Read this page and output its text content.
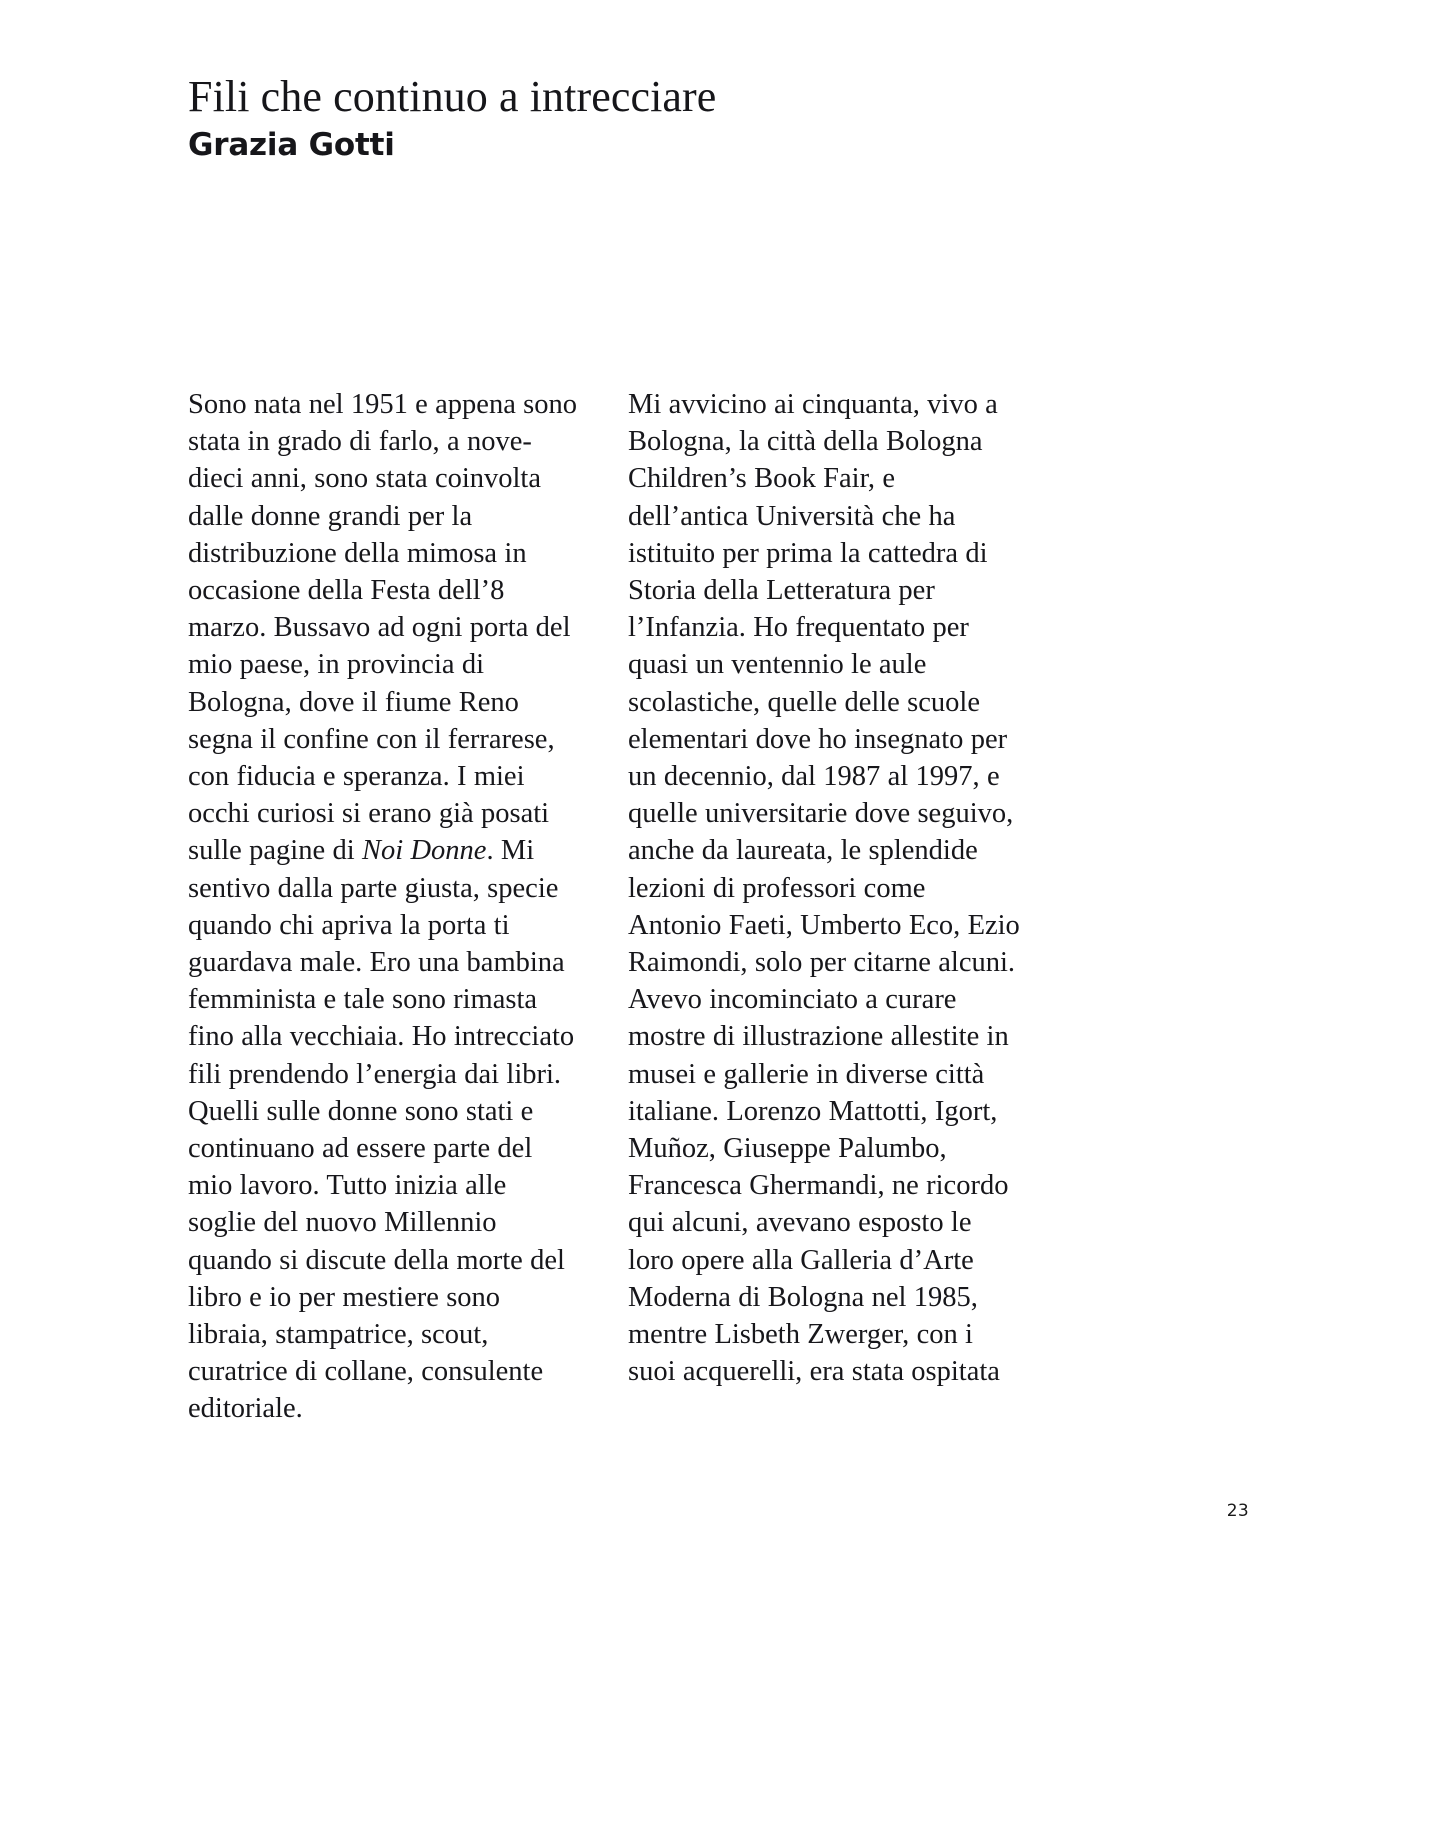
Fili che continuo a intrecciare
Grazia Gotti

Sono nata nel 1951 e appena sono stata in grado di farlo, a nove-dieci anni, sono stata coinvolta dalle donne grandi per la distribuzione della mimosa in occasione della Festa dell’8 marzo. Bussavo ad ogni porta del mio paese, in provincia di Bologna, dove il fiume Reno segna il confine con il ferrarese, con fiducia e speranza. I miei occhi curiosi si erano già posati sulle pagine di Noi Donne. Mi sentivo dalla parte giusta, specie quando chi apriva la porta ti guardava male. Ero una bambina femminista e tale sono rimasta fino alla vecchiaia. Ho intrecciato fili prendendo l’energia dai libri. Quelli sulle donne sono stati e continuano ad essere parte del mio lavoro. Tutto inizia alle soglie del nuovo Millennio quando si discute della morte del libro e io per mestiere sono libraia, stampatrice, scout, curatrice di collane, consulente editoriale.

Mi avvicino ai cinquanta, vivo a Bologna, la città della Bologna Children’s Book Fair, e dell’antica Università che ha istituito per prima la cattedra di Storia della Letteratura per l’Infanzia. Ho frequentato per quasi un ventennio le aule scolastiche, quelle delle scuole elementari dove ho insegnato per un decennio, dal 1987 al 1997, e quelle universitarie dove seguivo, anche da laureata, le splendide lezioni di professori come Antonio Faeti, Umberto Eco, Ezio Raimondi, solo per citarne alcuni. Avevo incominciato a curare mostre di illustrazione allestite in musei e gallerie in diverse città italiane. Lorenzo Mattotti, Igort, Muñoz, Giuseppe Palumbo, Francesca Ghermandi, ne ricordo qui alcuni, avevano esposto le loro opere alla Galleria d’Arte Moderna di Bologna nel 1985, mentre Lisbeth Zwerger, con i suoi acquerelli, era stata ospitata

23
